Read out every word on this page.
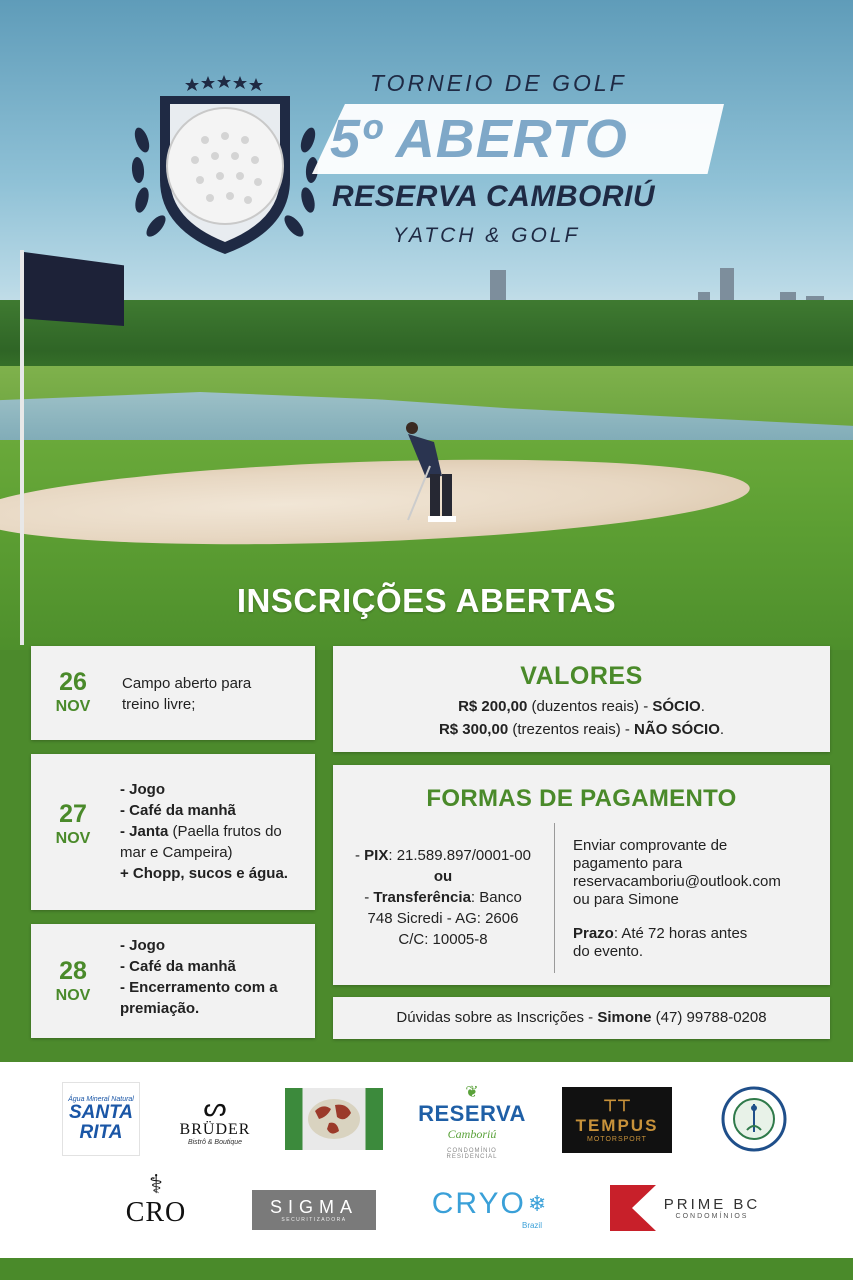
TORNEIO DE GOLF
5º ABERTO
RESERVA CAMBORIÚ
YATCH & GOLF
INSCRIÇÕES ABERTAS
26
NOV
Campo aberto para
treino livre;
27
NOV
- Jogo
- Café da manhã
- Janta (Paella frutos do
mar e Campeira)
+ Chopp, sucos e água.
28
NOV
- Jogo
- Café da manhã
- Encerramento com a
premiação.
VALORES
R$ 200,00 (duzentos reais) - SÓCIO.
R$ 300,00 (trezentos reais) - NÃO SÓCIO.
FORMAS DE PAGAMENTO
- PIX: 21.589.897/0001-00
ou
- Transferência: Banco
748 Sicredi - AG: 2606
C/C: 10005-8
Enviar comprovante de
pagamento para
reservacamboriu@outlook.com
ou para Simone
Prazo: Até 72 horas antes
do evento.
Dúvidas sobre as Inscrições - Simone (47) 99788-0208
Água Mineral Natural
SANTA
RITA
ᔕ
BRÜDER
Bistrô & Boutique
❦
RESERVA
Camboriú
CONDOMÍNIO
RESIDENCIAL
⊤⊤
TEMPUS
MOTORSPORT
⚕
CRO	SIGMA
SECURITIZADORA
CRYO ❄
Brazil
PRIME BC
CONDOMÍNIOS
